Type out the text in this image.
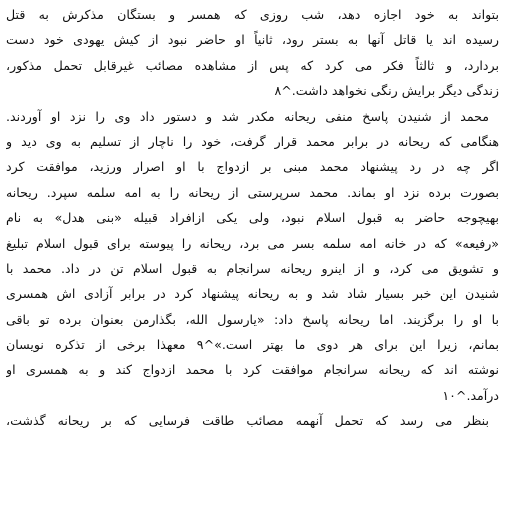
بتواند به خود اجازه دهد، شب روزی که همسر و بستگان مذکرش به قتل
رسیده اند یا قاتل آنها به بستر رود، ثانیاً او حاضر نبود از کیش یهودی خود دست
بردارد، و ثالثاً فکر می کرد که پس از مشاهده مصائب غیرقابل تحمل مذکور،
زندگی دیگر برایش رنگی نخواهد داشت.^۸
محمد از شنیدن پاسخ منفی ریحانه مکدر شد و دستور داد وی را نزد او آوردند.
هنگامی که ریحانه در برابر محمد قرار گرفت، خود را ناچار از تسلیم به وی دید و
اگر چه در رد پیشنهاد محمد مبنی بر ازدواج با او اصرار ورزید، موافقت کرد
بصورت برده نزد او بماند. محمد سرپرستی از ریحانه را به امه سلمه سپرد. ریحانه
بهیچوجه حاضر به قبول اسلام نبود، ولی یکی ازافراد قبیله «بنی هدل» به نام
«رفیعه» که در خانه امه سلمه بسر می برد، ریحانه را پیوسته برای قبول اسلام تبلیغ
و تشویق می کرد، و از اینرو ریحانه سرانجام به قبول اسلام تن در داد. محمد با
شنیدن این خبر بسیار شاد شد و به ریحانه پیشنهاد کرد در برابر آزادی اش همسری
با او را برگزیند. اما ریحانه پاسخ داد: «یارسول الله، بگذارمن بعنوان برده تو باقی
بمانم، زیرا این برای هر دوی ما بهتر است.»^۹ معهذا برخی از تذکره نویسان
نوشته اند که ریحانه سرانجام موافقت کرد با محمد ازدواج کند و به همسری او
درآمد.^۱۰
بنظر می رسد که تحمل آنهمه مصائب طاقت فرسایی که بر ریحانه گذشت،
